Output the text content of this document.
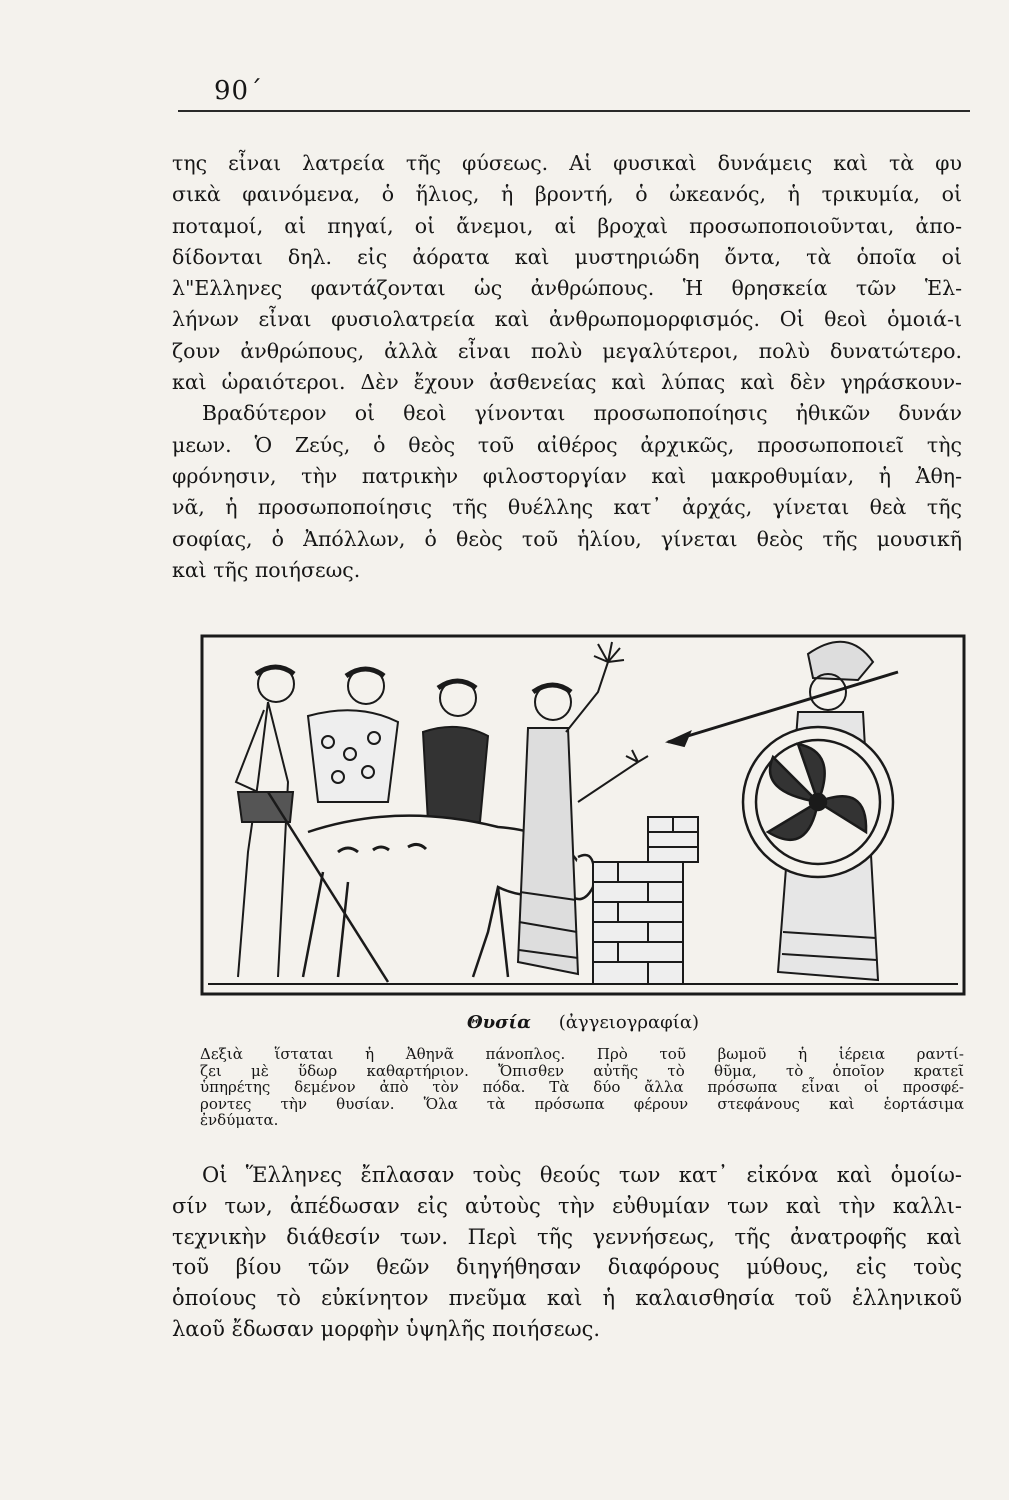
90΄
της εἶναι λατρεία τῆς φύσεως. Αἱ φυσικαὶ δυνάμεις καὶ τὰ φυ
σικὰ φαινόμενα, ὁ ἥλιος, ἡ βροντή, ὁ ὠκεανός, ἡ τρικυμία, οἱ
ποταμοί, αἱ πηγαί, οἱ ἄνεμοι, αἱ βροχαὶ προσωποποιοῦνται, ἀπο-
δίδονται δηλ. εἰς ἀόρατα καὶ μυστηριώδη ὄντα, τὰ ὁποῖα οἱ
λ"Ελληνες φαντάζονται ὡς ἀνθρώπους. Ἡ θρησκεία τῶν Ἑλ-
λήνων εἶναι φυσιολατρεία καὶ ἀνθρωπομορφισμός. Οἱ θεοὶ ὁμοιά-ι
ζουν ἀνθρώπους, ἀλλὰ εἶναι πολὺ μεγαλύτεροι, πολὺ δυνατώτερο.
καὶ ὡραιότεροι. Δὲν ἔχουν ἀσθενείας καὶ λύπας καὶ δὲν γηράσκουν-
Βραδύτερον οἱ θεοὶ γίνονται προσωποποίησις ἠθικῶν δυνάν
μεων. Ὁ Ζεύς, ὁ θεὸς τοῦ αἰθέρος ἀρχικῶς, προσωποποιεῖ τὴς
φρόνησιν, τὴν πατρικὴν φιλοστοργίαν καὶ μακροθυμίαν, ἡ Ἀθη-
νᾶ, ἡ προσωποποίησις τῆς θυέλλης κατ᾽ ἀρχάς, γίνεται θεὰ τῆς
σοφίας, ὁ Ἀπόλλων, ὁ θεὸς τοῦ ἡλίου, γίνεται θεὸς τῆς μουσικῆ
καὶ τῆς ποιήσεως.
Θυσία (ἀγγειογραφία)
Δεξιὰ ἵσταται ἡ Ἀθηνᾶ πάνοπλος. Πρὸ τοῦ βωμοῦ ἡ ἱέρεια ραντί-
ζει μὲ ὕδωρ καθαρτήριον. Ὄπισθεν αὐτῆς τὸ θῦμα, τὸ ὁποῖον κρατεῖ
ὑπηρέτης δεμένον ἀπὸ τὸν πόδα. Τὰ δύο ἄλλα πρόσωπα εἶναι οἱ προσφέ-
ροντες τὴν θυσίαν. Ὅλα τὰ πρόσωπα φέρουν στεφάνους καὶ ἑορτάσιμα
ἐνδύματα.
Οἱ Ἕλληνες ἔπλασαν τοὺς θεούς των κατ᾽ εἰκόνα καὶ ὁμοίω-
σίν των, ἀπέδωσαν εἰς αὐτοὺς τὴν εὐθυμίαν των καὶ τὴν καλλι-
τεχνικὴν διάθεσίν των. Περὶ τῆς γεννήσεως, τῆς ἀνατροφῆς καὶ
τοῦ βίου τῶν θεῶν διηγήθησαν διαφόρους μύθους, εἰς τοὺς
ὁποίους τὸ εὐκίνητον πνεῦμα καὶ ἡ καλαισθησία τοῦ ἑλληνικοῦ
λαοῦ ἔδωσαν μορφὴν ὑψηλῆς ποιήσεως.
